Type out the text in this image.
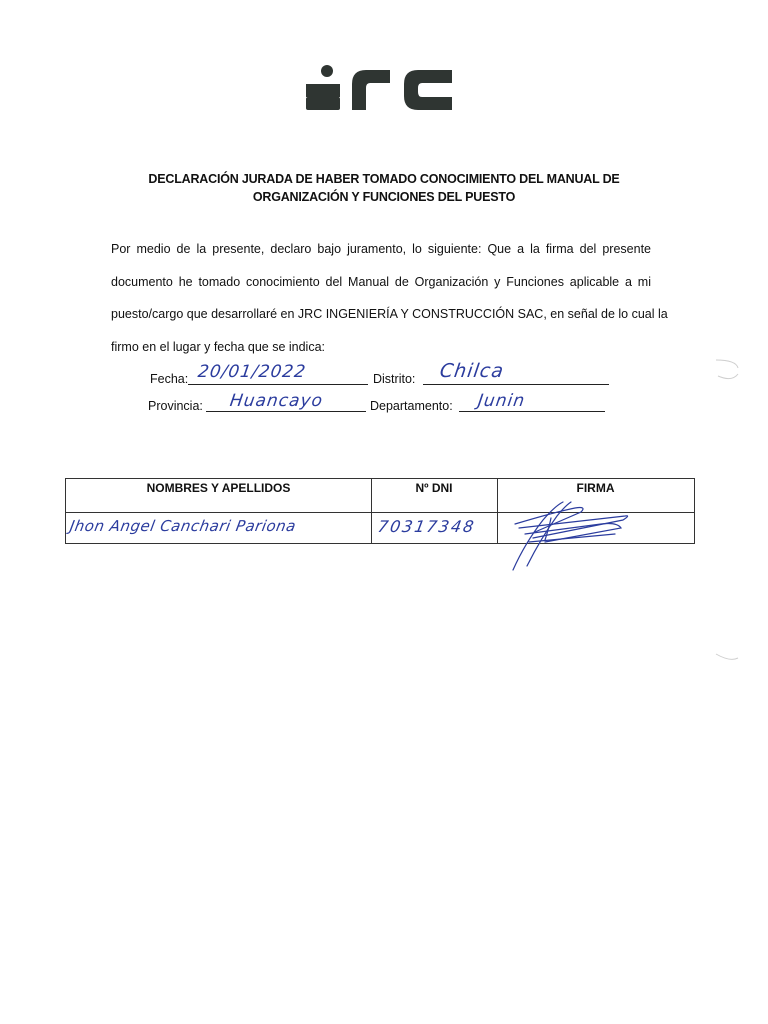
DECLARACIÓN JURADA DE HABER TOMADO CONOCIMIENTO DEL MANUAL DE
ORGANIZACIÓN Y FUNCIONES DEL PUESTO
Por medio de la presente, declaro bajo juramento, lo siguiente: Que a la firma del presente
documento he tomado conocimiento del Manual de Organización y Funciones aplicable a mi
puesto/cargo que desarrollaré en JRC INGENIERÍA Y CONSTRUCCIÓN SAC, en señal de lo cual la
firmo en el lugar y fecha que se indica:
Fecha: 20/01/2022	Distrito: Chilca
Provincia: Huancayo	Departamento: Junin
NOMBRES Y APELLIDOS	Nº DNI	FIRMA
Jhon Angel Canchari Pariona	70317348
